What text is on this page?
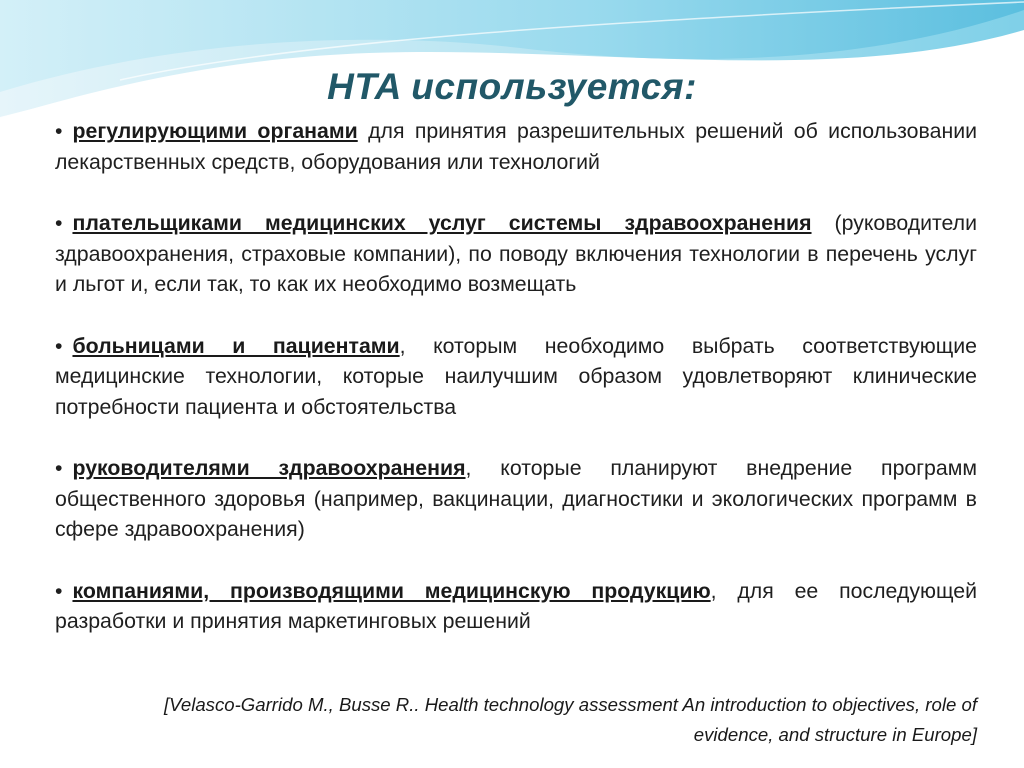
HTA используется:
• регулирующими органами для принятия разрешительных решений об использовании лекарственных средств, оборудования или технологий
• плательщиками медицинских услуг системы здравоохранения (руководители здравоохранения, страховые компании), по поводу включения технологии в перечень услуг и льгот и, если так, то как их необходимо возмещать
• больницами и пациентами, которым необходимо выбрать соответствующие медицинские технологии, которые наилучшим образом удовлетворяют клинические потребности пациента и обстоятельства
• руководителями здравоохранения, которые планируют внедрение программ общественного здоровья (например, вакцинации, диагностики и экологических программ в сфере здравоохранения)
• компаниями, производящими медицинскую продукцию, для ее последующей разработки и принятия маркетинговых решений
[Velasco-Garrido M., Busse R.. Health technology assessment An introduction to objectives, role of
evidence, and structure in Europe]
